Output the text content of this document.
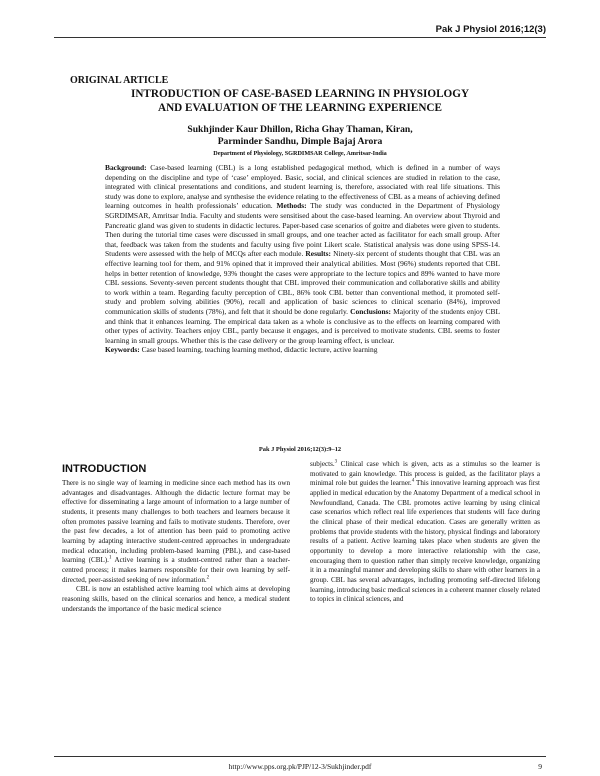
Pak J Physiol 2016;12(3)
ORIGINAL ARTICLE
INTRODUCTION OF CASE-BASED LEARNING IN PHYSIOLOGY
AND EVALUATION OF THE LEARNING EXPERIENCE
Sukhjinder Kaur Dhillon, Richa Ghay Thaman, Kiran,
Parminder Sandhu, Dimple Bajaj Arora
Department of Physiology, SGRDIMSAR College, Amritsar-India
Background: Case-based learning (CBL) is a long established pedagogical method, which is defined in a number of ways depending on the discipline and type of ‘case’ employed. Basic, social, and clinical sciences are studied in relation to the case, integrated with clinical presentations and conditions, and student learning is, therefore, associated with real life situations. This study was done to explore, analyse and synthesise the evidence relating to the effectiveness of CBL as a means of achieving defined learning outcomes in health professionals’ education. Methods: The study was conducted in the Department of Physiology SGRDIMSAR, Amritsar India. Faculty and students were sensitised about the case-based learning. An overview about Thyroid and Pancreatic gland was given to students in didactic lectures. Paper-based case scenarios of goitre and diabetes were given to students. Then during the tutorial time cases were discussed in small groups, and one teacher acted as facilitator for each small group. After that, feedback was taken from the students and faculty using five point Likert scale. Statistical analysis was done using SPSS-14. Students were assessed with the help of MCQs after each module. Results: Ninety-six percent of students thought that CBL was an effective learning tool for them, and 91% opined that it improved their analytical abilities. Most (96%) students reported that CBL helps in better retention of knowledge, 93% thought the cases were appropriate to the lecture topics and 89% wanted to have more CBL sessions. Seventy-seven percent students thought that CBL improved their communication and collaborative skills and ability to work within a team. Regarding faculty perception of CBL, 86% took CBL better than conventional method, it promoted self-study and problem solving abilities (90%), recall and application of basic sciences to clinical scenario (84%), improved communication skills of students (78%), and felt that it should be done regularly. Conclusions: Majority of the students enjoy CBL and think that it enhances learning. The empirical data taken as a whole is conclusive as to the effects on learning compared with other types of activity. Teachers enjoy CBL, partly because it engages, and is perceived to motivate students. CBL seems to foster learning in small groups. Whether this is the case delivery or the group learning effect, is unclear.
Keywords: Case based learning, teaching learning method, didactic lecture, active learning
Pak J Physiol 2016;12(3):9–12
INTRODUCTION

There is no single way of learning in medicine since each method has its own advantages and disadvantages. Although the didactic lecture format may be effective for disseminating a large amount of information to a large number of students, it presents many challenges to both teachers and learners because it often promotes passive learning and fails to motivate students. Therefore, over the past few decades, a lot of attention has been paid to promoting active learning by adapting interactive student-centred approaches in undergraduate medical education, including problem-based learning (PBL), and case-based learning (CBL).$^1$ Active learning is a student-centred rather than a teacher-centred process; it makes learners responsible for their own learning by self-directed, peer-assisted seeking of new information.$^2$

CBL is now an established active learning tool which aims at developing reasoning skills, based on the clinical scenarios and hence, a medical student understands the importance of the basic medical science

subjects.$^3$ Clinical case which is given, acts as a stimulus so the learner is motivated to gain knowledge. This process is guided, as the facilitator plays a minimal role but guides the learner.$^4$ This innovative learning approach was first applied in medical education by the Anatomy Department of a medical school in Newfoundland, Canada. The CBL promotes active learning by using clinical case scenarios which reflect real life experiences that students will face during the clinical phase of their medical education. Cases are generally written as problems that provide students with the history, physical findings and laboratory results of a patient. Active learning takes place when students are given the opportunity to develop a more interactive relationship with the case, encouraging them to question rather than simply receive knowledge, organizing it in a meaningful manner and developing skills to share with other learners in a group. CBL has several advantages, including promoting self-directed lifelong learning, introducing basic medical sciences in a coherent manner closely related to topics in clinical sciences, and

http://www.pps.org.pk/PJP/12-3/Sukhjinder.pdf	9
